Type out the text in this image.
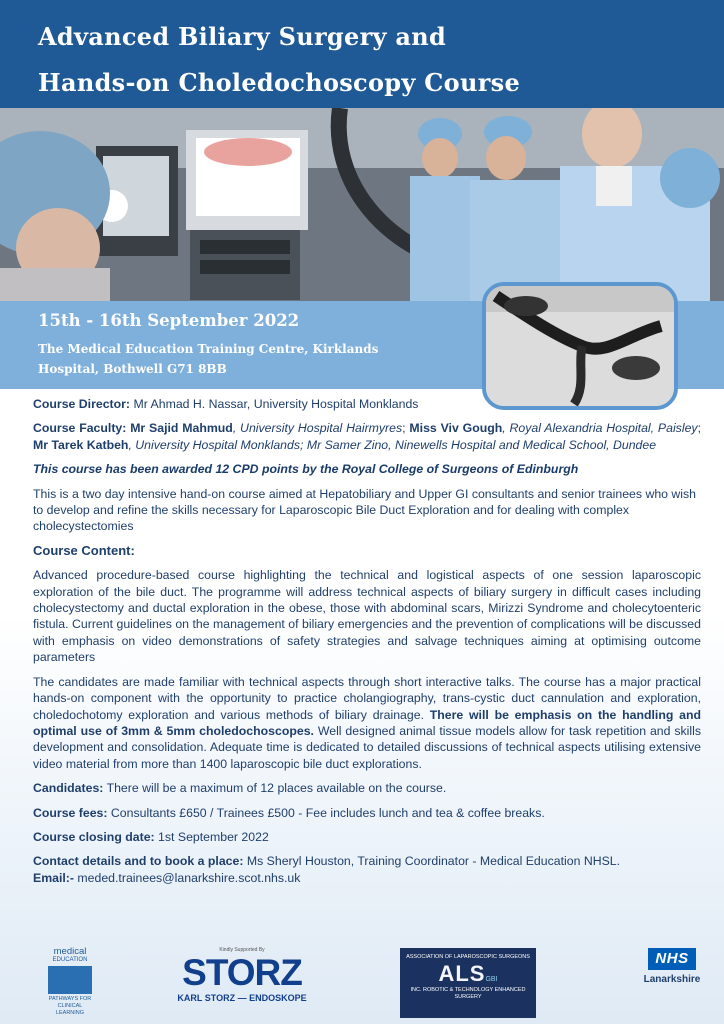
Advanced Biliary Surgery and
Hands-on Choledochoscopy Course
15th - 16th September 2022
The Medical Education Training Centre, Kirklands
Hospital, Bothwell G71 8BB

Course Director: Mr Ahmad H. Nassar, University Hospital Monklands

Course Faculty: Mr Sajid Mahmud, University Hospital Hairmyres; Miss Viv Gough, Royal Alexandria Hospital, Paisley; Mr Tarek Katbeh, University Hospital Monklands; Mr Samer Zino, Ninewells Hospital and Medical School, Dundee

This course has been awarded 12 CPD points by the Royal College of Surgeons of Edinburgh

This is a two day intensive hand-on course aimed at Hepatobiliary and Upper GI consultants and senior trainees who wish to develop and refine the skills necessary for Laparoscopic Bile Duct Exploration and for dealing with complex cholecystectomies

Course Content:

Advanced procedure-based course highlighting the technical and logistical aspects of one session laparoscopic exploration of the bile duct. The programme will address technical aspects of biliary surgery in difficult cases including cholecystectomy and ductal exploration in the obese, those with abdominal scars, Mirizzi Syndrome and cholecytoenteric fistula. Current guidelines on the management of biliary emergencies and the prevention of complications will be discussed with emphasis on video demonstrations of safety strategies and salvage techniques aiming at optimising outcome parameters

The candidates are made familiar with technical aspects through short interactive talks. The course has a major practical hands-on component with the opportunity to practice cholangiography, trans-cystic duct cannulation and exploration, choledochotomy exploration and various methods of biliary drainage. There will be emphasis on the handling and optimal use of 3mm & 5mm choledochoscopes. Well designed animal tissue models allow for task repetition and skills development and consolidation. Adequate time is dedicated to detailed discussions of technical aspects utilising extensive video material from more than 1400 laparoscopic bile duct explorations.

Candidates: There will be a maximum of 12 places available on the course.

Course fees: Consultants £650 / Trainees £500 - Fee includes lunch and tea & coffee breaks.

Course closing date: 1st September 2022

Contact details and to book a place: Ms Sheryl Houston, Training Coordinator - Medical Education NHSL.
Email:- meded.trainees@lanarkshire.scot.nhs.uk

medical
EDUCATION
PATHWAYS FOR CLINICAL LEARNING
Kindly Supported By
STORZ
KARL STORZ — ENDOSKOPE
ASSOCIATION OF LAPAROSCOPIC SURGEONS
ALSGBI
INC. ROBOTIC & TECHNOLOGY ENHANCED SURGERY
NHS
Lanarkshire
